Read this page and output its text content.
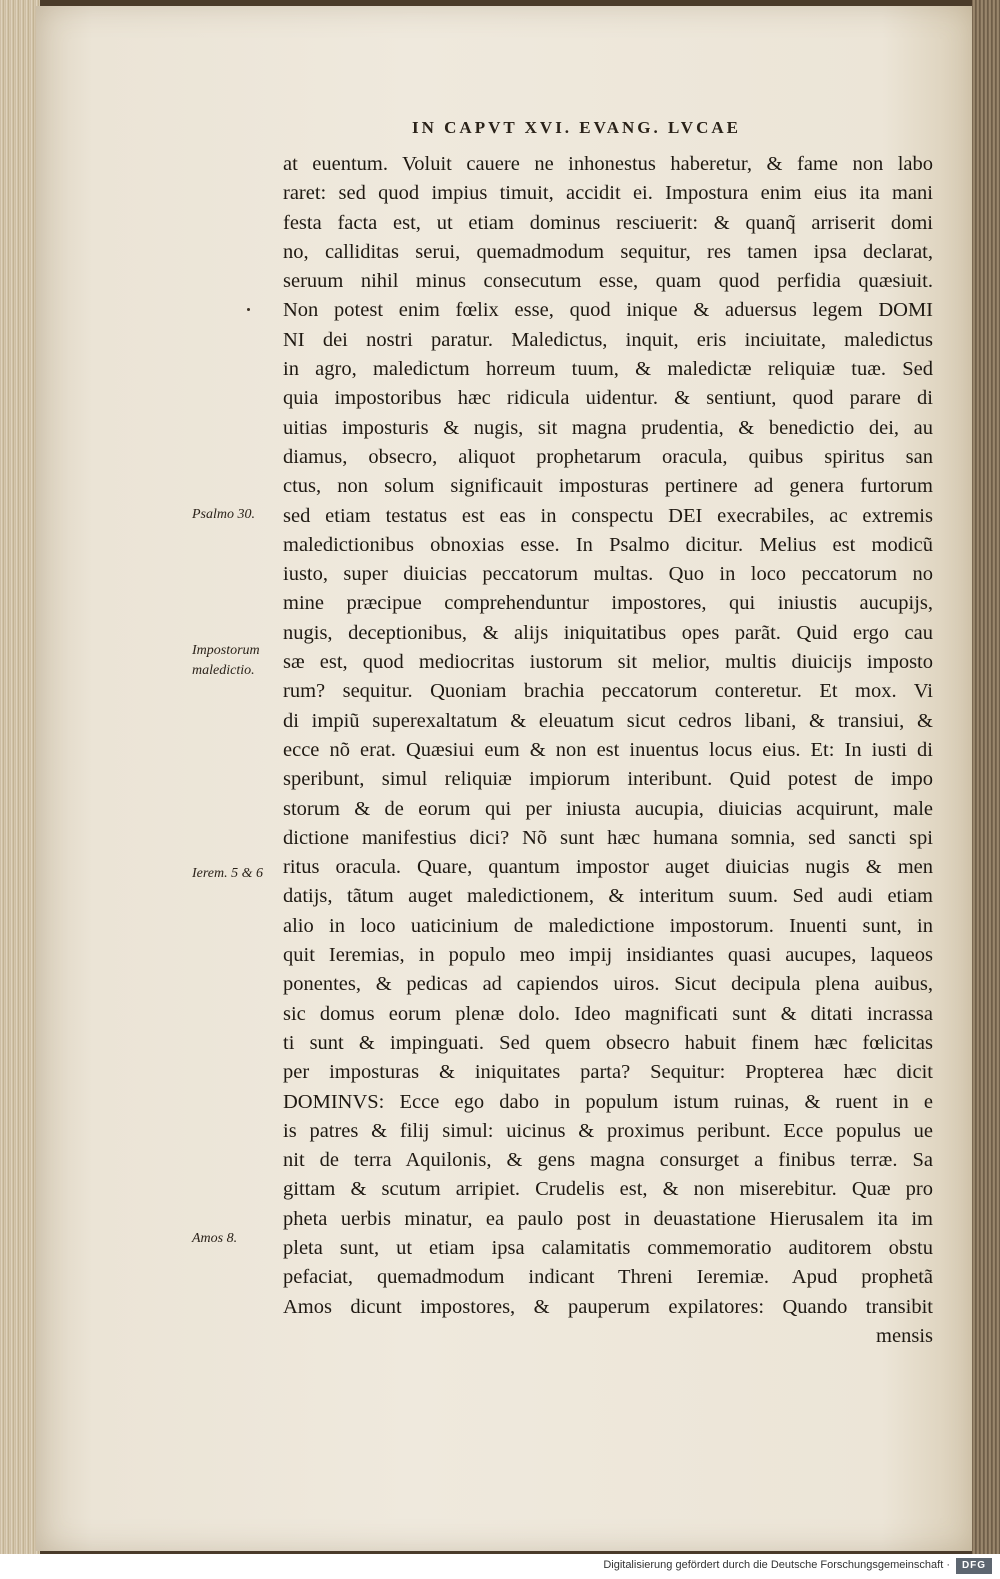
IN CAPVT XVI. EVANG. LVCAE
at euentum. Voluit cauere ne inhonestus haberetur, & fame non labo
raret: sed quod impius timuit, accidit ei. Impostura enim eius ita mani
festa facta est, ut etiam dominus resciuerit: & quanq̃ arriserit domi
no, calliditas serui, quemadmodum sequitur, res tamen ipsa declarat,
seruum nihil minus consecutum esse, quam quod perfidia quæsiuit.
Non potest enim fœlix esse, quod inique & aduersus legem DOMI
NI dei nostri paratur. Maledictus, inquit, eris inciuitate, maledictus
in agro, maledictum horreum tuum, & maledictæ reliquiæ tuæ. Sed
quia impostoribus hæc ridicula uidentur. & sentiunt, quod parare di
uitias imposturis & nugis, sit magna prudentia, & benedictio dei, au
diamus, obsecro, aliquot prophetarum oracula, quibus spiritus san
ctus, non solum significauit imposturas pertinere ad genera furtorum
sed etiam testatus est eas in conspectu DEI execrabiles, ac extremis
maledictionibus obnoxias esse. In Psalmo dicitur. Melius est modicũ
iusto, super diuicias peccatorum multas. Quo in loco peccatorum no
mine præcipue comprehenduntur impostores, qui iniustis aucupijs,
nugis, deceptionibus, & alijs iniquitatibus opes parãt. Quid ergo cau
sæ est, quod mediocritas iustorum sit melior, multis diuicijs imposto
rum? sequitur. Quoniam brachia peccatorum conteretur. Et mox. Vi
di impiũ superexaltatum & eleuatum sicut cedros libani, & transiui, &
ecce nõ erat. Quæsiui eum & non est inuentus locus eius. Et: In iusti di
speribunt, simul reliquiæ impiorum interibunt. Quid potest de impo
storum & de eorum qui per iniusta aucupia, diuicias acquirunt, male
dictione manifestius dici? Nõ sunt hæc humana somnia, sed sancti spi
ritus oracula. Quare, quantum impostor auget diuicias nugis & men
datijs, tãtum auget maledictionem, & interitum suum. Sed audi etiam
alio in loco uaticinium de maledictione impostorum. Inuenti sunt, in
quit Ieremias, in populo meo impij insidiantes quasi aucupes, laqueos
ponentes, & pedicas ad capiendos uiros. Sicut decipula plena auibus,
sic domus eorum plenæ dolo. Ideo magnificati sunt & ditati incrassa
ti sunt & impinguati. Sed quem obsecro habuit finem hæc fœlicitas
per imposturas & iniquitates parta? Sequitur: Propterea hæc dicit
DOMINVS: Ecce ego dabo in populum istum ruinas, & ruent in e
is patres & filij simul: uicinus & proximus peribunt. Ecce populus ue
nit de terra Aquilonis, & gens magna consurget a finibus terræ. Sa
gittam & scutum arripiet. Crudelis est, & non miserebitur. Quæ pro
pheta uerbis minatur, ea paulo post in deuastatione Hierusalem ita im
pleta sunt, ut etiam ipsa calamitatis commemoratio auditorem obstu
pefaciat, quemadmodum indicant Threni Ieremiæ. Apud prophetã
Amos dicunt impostores, & pauperum expilatores: Quando transibit
mensis
Psalmo 30.
Impostorum
maledictio.
Ierem. 5 & 6
Amos 8.
Digitalisierung gefördert durch die Deutsche Forschungsgemeinschaft ·	DFG
